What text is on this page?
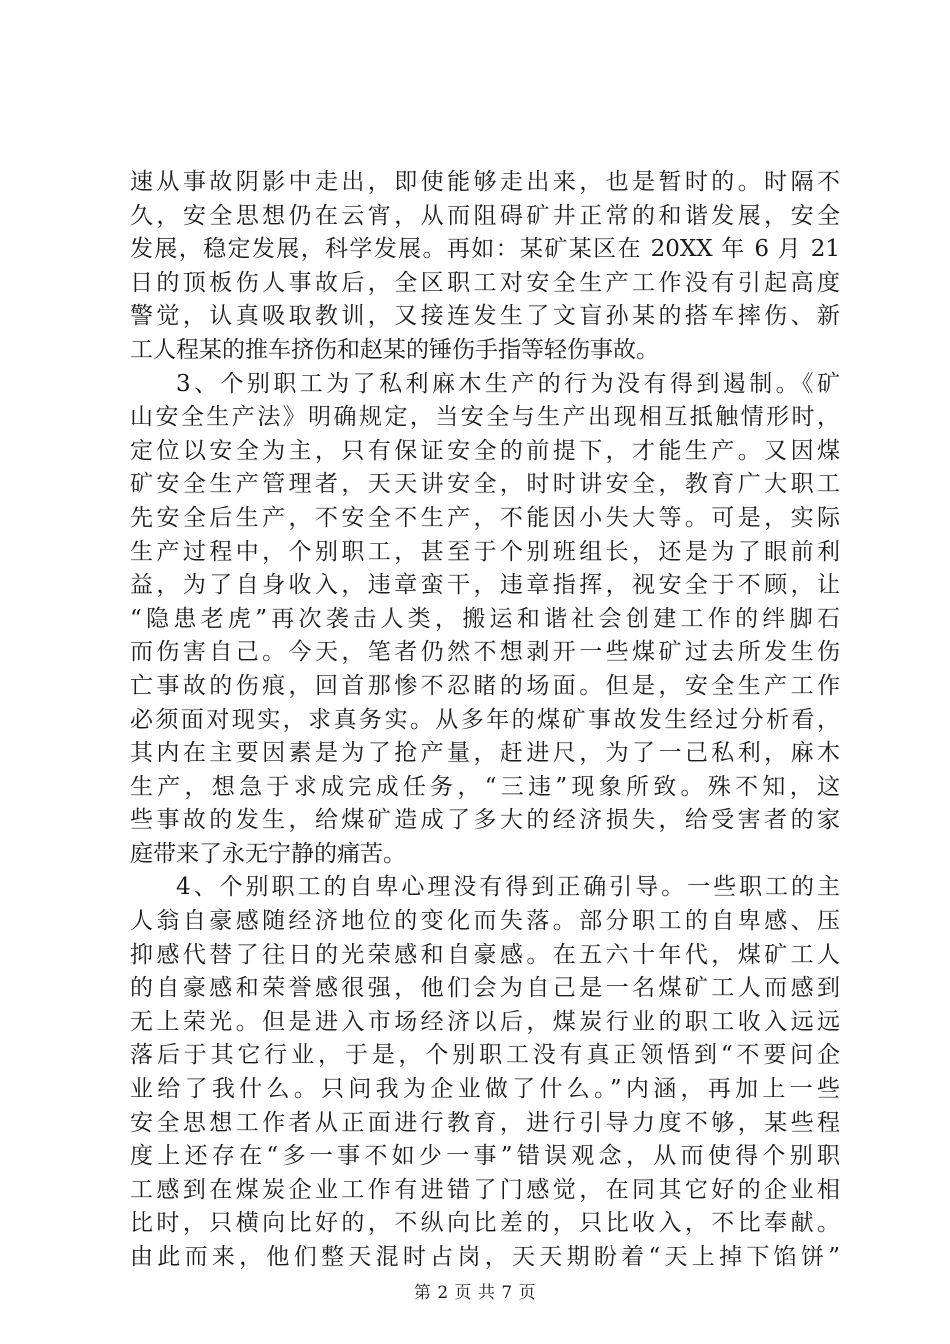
速从事故阴影中走出，即使能够走出来，也是暂时的。时隔不
久，安全思想仍在云宵，从而阻碍矿井正常的和谐发展，安全
发展，稳定发展，科学发展。再如：某矿某区在 20XX 年 6 月 21
日的顶板伤人事故后，全区职工对安全生产工作没有引起高度
警觉，认真吸取教训，又接连发生了文盲孙某的搭车摔伤、新
工人程某的推车挤伤和赵某的锤伤手指等轻伤事故。
3、个别职工为了私利麻木生产的行为没有得到遏制。《矿
山安全生产法》明确规定，当安全与生产出现相互抵触情形时，
定位以安全为主，只有保证安全的前提下，才能生产。又因煤
矿安全生产管理者，天天讲安全，时时讲安全，教育广大职工
先安全后生产，不安全不生产，不能因小失大等。可是，实际
生产过程中，个别职工，甚至于个别班组长，还是为了眼前利
益，为了自身收入，违章蛮干，违章指挥，视安全于不顾，让
“隐患老虎”再次袭击人类，搬运和谐社会创建工作的绊脚石
而伤害自己。今天，笔者仍然不想剥开一些煤矿过去所发生伤
亡事故的伤痕，回首那惨不忍睹的场面。但是，安全生产工作
必须面对现实，求真务实。从多年的煤矿事故发生经过分析看，
其内在主要因素是为了抢产量，赶进尺，为了一己私利，麻木
生产，想急于求成完成任务，“三违”现象所致。殊不知，这
些事故的发生，给煤矿造成了多大的经济损失，给受害者的家
庭带来了永无宁静的痛苦。
4、个别职工的自卑心理没有得到正确引导。一些职工的主
人翁自豪感随经济地位的变化而失落。部分职工的自卑感、压
抑感代替了往日的光荣感和自豪感。在五六十年代，煤矿工人
的自豪感和荣誉感很强，他们会为自己是一名煤矿工人而感到
无上荣光。但是进入市场经济以后，煤炭行业的职工收入远远
落后于其它行业，于是，个别职工没有真正领悟到“不要问企
业给了我什么。只问我为企业做了什么。”内涵，再加上一些
安全思想工作者从正面进行教育，进行引导力度不够，某些程
度上还存在“多一事不如少一事”错误观念，从而使得个别职
工感到在煤炭企业工作有进错了门感觉，在同其它好的企业相
比时，只横向比好的，不纵向比差的，只比收入，不比奉献。
由此而来，他们整天混时占岗，天天期盼着“天上掉下馅饼”
第 2 页 共 7 页
